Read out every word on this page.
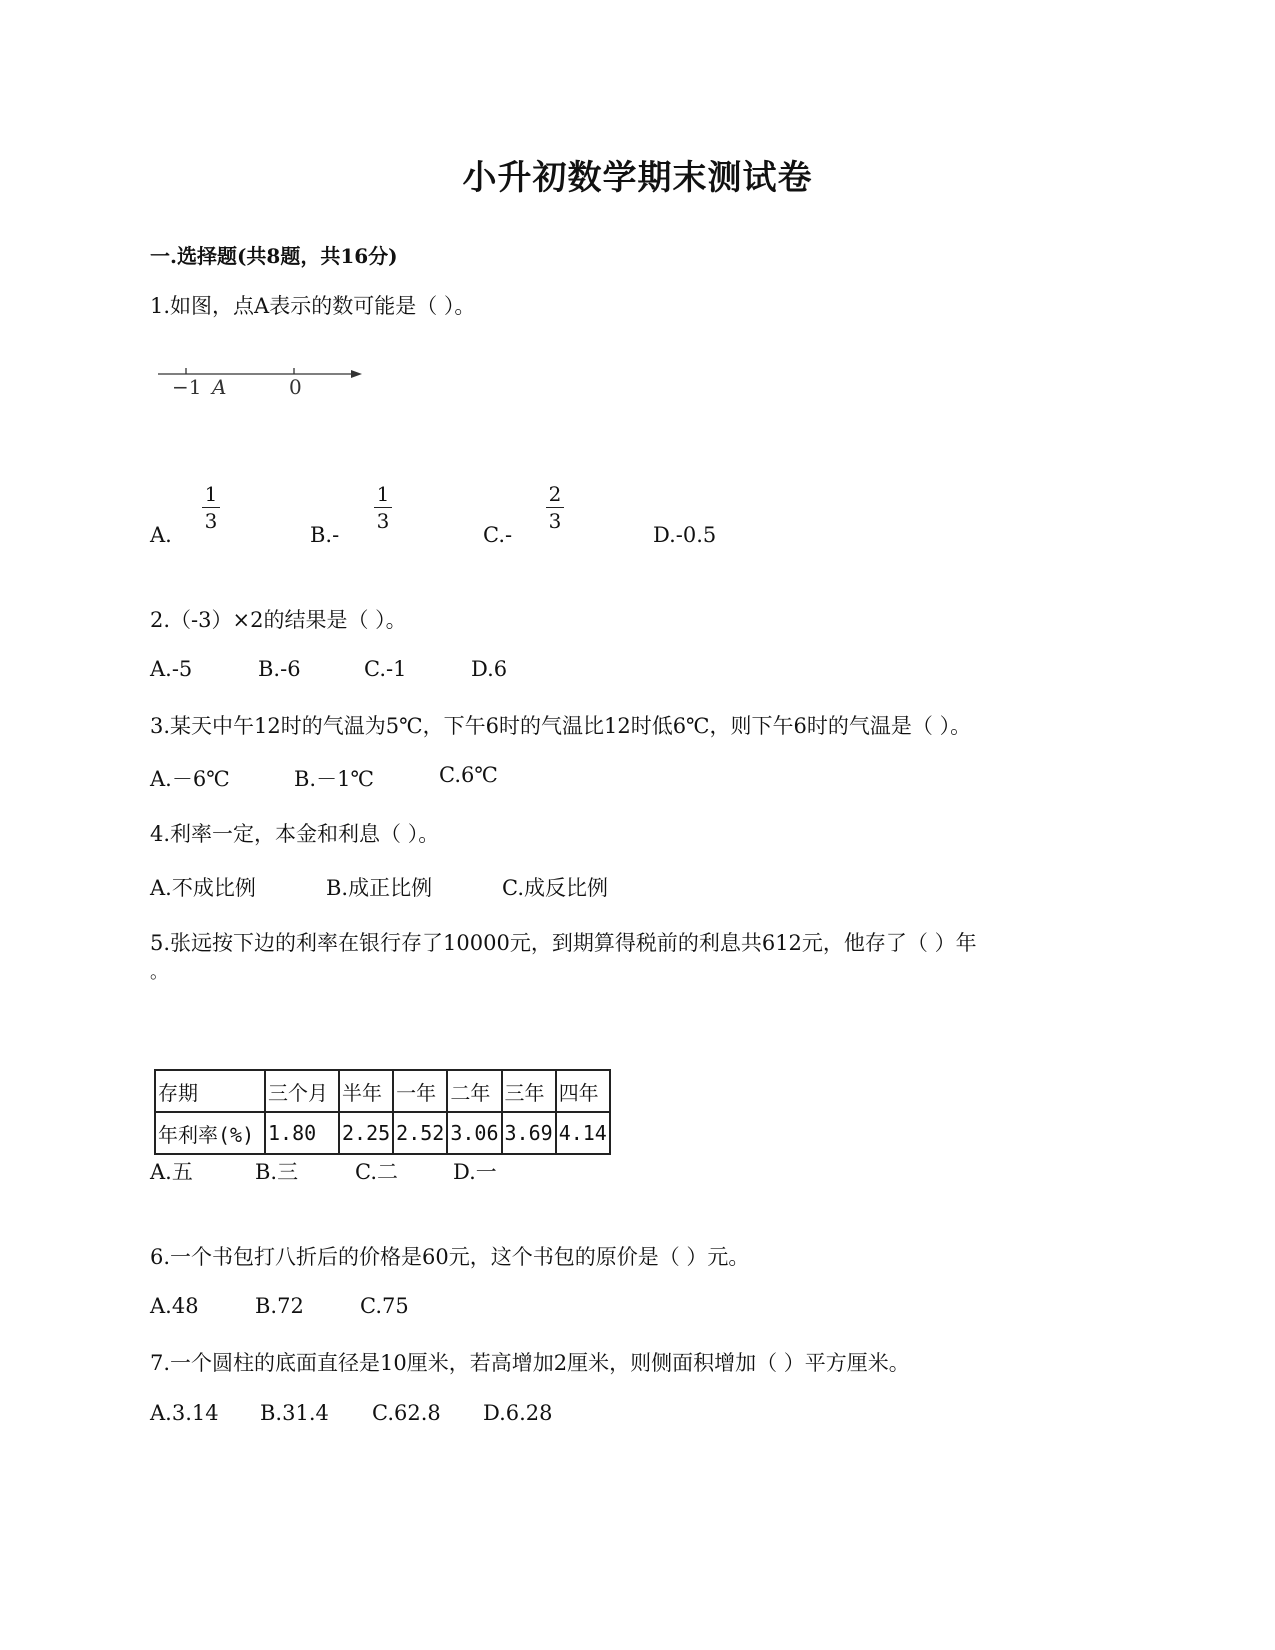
小升初数学期末测试卷
一.选择题(共8题，共16分)
1.如图，点A表示的数可能是（ ）。
−1 A	0
A.	B.-	C.-	D.-0.5
1
3
1
3
2
3
2.（-3）×2的结果是（ ）。
A.-5	B.-6	C.-1	D.6
3.某天中午12时的气温为5℃，下午6时的气温比12时低6℃，则下午6时的气温是（ ）。
A.－6℃	B.－1℃	C.6℃
4.利率一定，本金和利息（ ）。
A.不成比例	B.成正比例	C.成反比例
5.张远按下边的利率在银行存了10000元，到期算得税前的利息共612元，他存了（ ）年
。
存期	三个月	半年	一年	二年	三年	四年
年利率(%)	1.80	2.25	2.52	3.06	3.69	4.14
A.五	B.三	C.二	D.一
6.一个书包打八折后的价格是60元，这个书包的原价是（ ）元。
A.48	B.72	C.75
7.一个圆柱的底面直径是10厘米，若高增加2厘米，则侧面积增加（ ）平方厘米。
A.3.14 B.31.4 C.62.8 D.6.28
